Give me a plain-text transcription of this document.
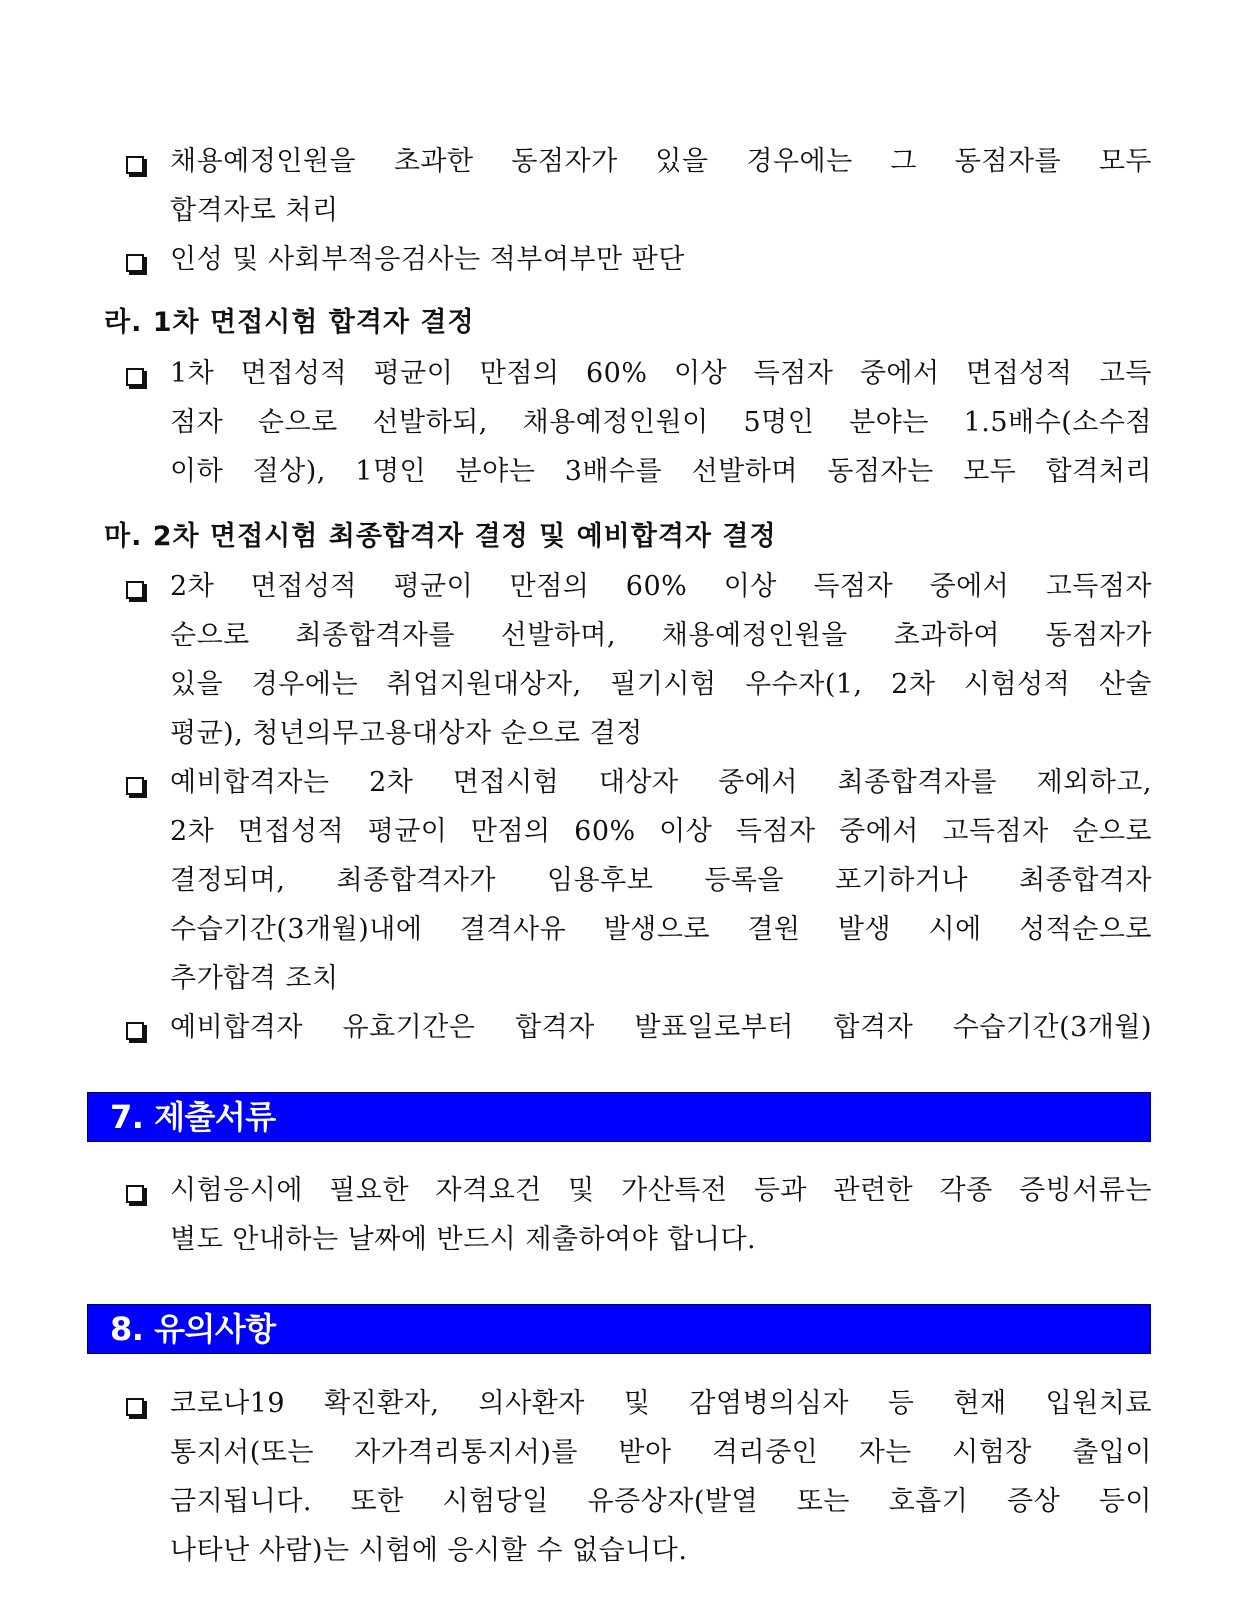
채용예정인원을 초과한 동점자가 있을 경우에는 그 동점자를 모두
합격자로 처리
인성 및 사회부적응검사는 적부여부만 판단
라. 1차 면접시험 합격자 결정
1차 면접성적 평균이 만점의 60% 이상 득점자 중에서 면접성적 고득
점자 순으로 선발하되, 채용예정인원이 5명인 분야는 1.5배수(소수점
이하 절상), 1명인 분야는 3배수를 선발하며 동점자는 모두 합격처리
마. 2차 면접시험 최종합격자 결정 및 예비합격자 결정
2차 면접성적 평균이 만점의 60% 이상 득점자 중에서 고득점자
순으로 최종합격자를 선발하며, 채용예정인원을 초과하여 동점자가
있을 경우에는 취업지원대상자, 필기시험 우수자(1, 2차 시험성적 산술
평균), 청년의무고용대상자 순으로 결정
예비합격자는 2차 면접시험 대상자 중에서 최종합격자를 제외하고,
2차 면접성적 평균이 만점의 60% 이상 득점자 중에서 고득점자 순으로
결정되며, 최종합격자가 임용후보 등록을 포기하거나 최종합격자
수습기간(3개월)내에 결격사유 발생으로 결원 발생 시에 성적순으로
추가합격 조치
예비합격자 유효기간은 합격자 발표일로부터 합격자 수습기간(3개월)
7. 제출서류
시험응시에 필요한 자격요건 및 가산특전 등과 관련한 각종 증빙서류는
별도 안내하는 날짜에 반드시 제출하여야 합니다.
8. 유의사항
코로나19 확진환자, 의사환자 및 감염병의심자 등 현재 입원치료
통지서(또는 자가격리통지서)를 받아 격리중인 자는 시험장 출입이
금지됩니다. 또한 시험당일 유증상자(발열 또는 호흡기 증상 등이
나타난 사람)는 시험에 응시할 수 없습니다.
